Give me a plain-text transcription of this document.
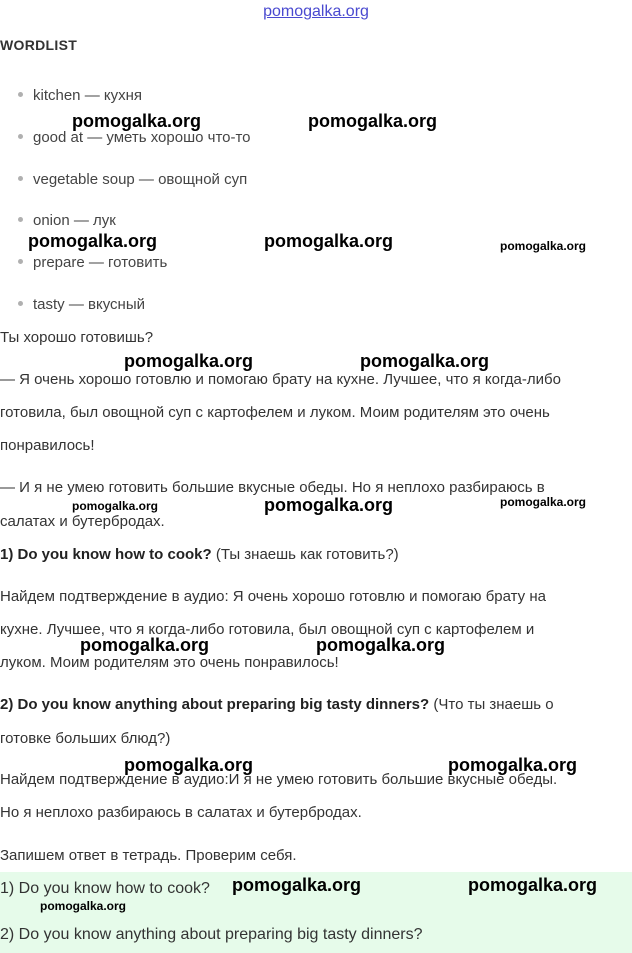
pomogalka.org
WORDLIST
kitchen — кухня
good at — уметь хорошо что-то
vegetable soup — овощной суп
onion — лук
prepare — готовить
tasty — вкусный
Ты хорошо готовишь?
— Я очень хорошо готовлю и помогаю брату на кухне. Лучшее, что я когда-либо
готовила, был овощной суп с картофелем и луком. Моим родителям это очень
понравилось!
— И я не умею готовить большие вкусные обеды. Но я неплохо разбираюсь в
салатах и бутербродах.
1) Do you know how to cook? (Ты знаешь как готовить?)
Найдем подтверждение в аудио: Я очень хорошо готовлю и помогаю брату на
кухне. Лучшее, что я когда-либо готовила, был овощной суп с картофелем и
луком. Моим родителям это очень понравилось!
2) Do you know anything about preparing big tasty dinners? (Что ты знаешь о
готовке больших блюд?)
Найдем подтверждение в аудио:И я не умею готовить большие вкусные обеды.
Но я неплохо разбираюсь в салатах и бутербродах.
Запишем ответ в тетрадь. Проверим себя.
1) Do you know how to cook?
2) Do you know anything about preparing big tasty dinners?
pomogalka.org	pomogalka.org
pomogalka.org	pomogalka.org	pomogalka.org
pomogalka.org	pomogalka.org
pomogalka.org	pomogalka.org	pomogalka.org
pomogalka.org	pomogalka.org
pomogalka.org	pomogalka.org
pomogalka.org	pomogalka.org
pomogalka.org
